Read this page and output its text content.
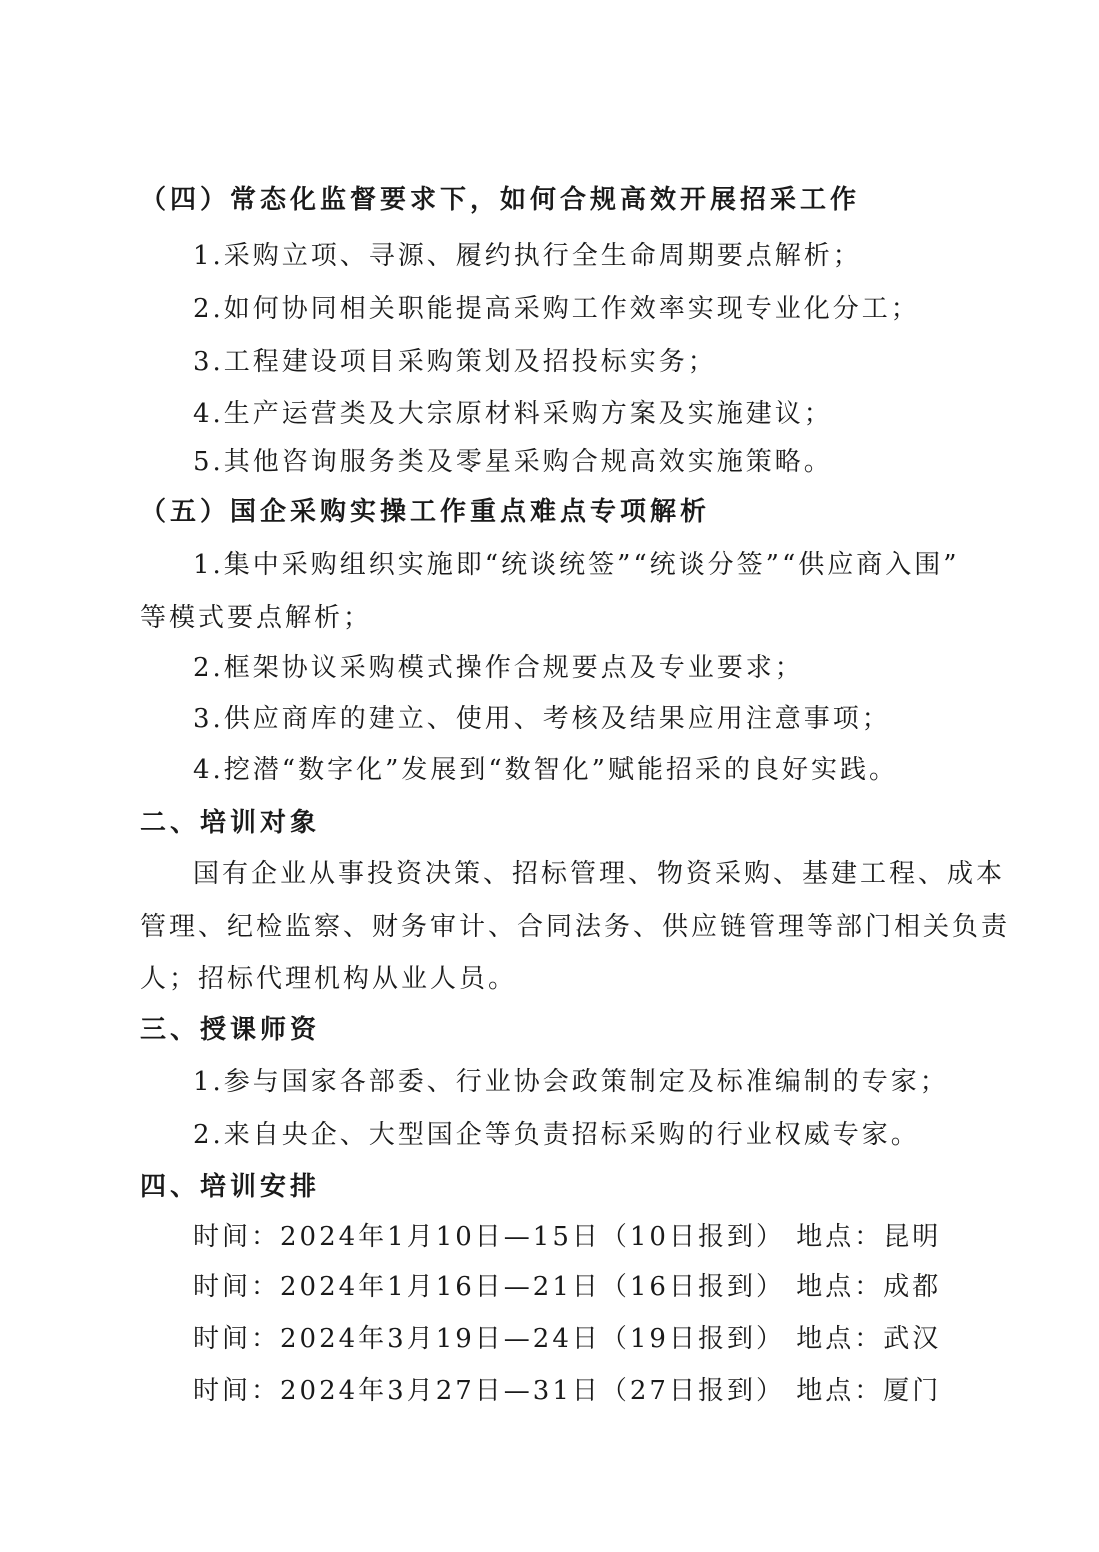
（四）常态化监督要求下，如何合规高效开展招采工作
1.采购立项、寻源、履约执行全生命周期要点解析；
2.如何协同相关职能提高采购工作效率实现专业化分工；
3.工程建设项目采购策划及招投标实务；
4.生产运营类及大宗原材料采购方案及实施建议；
5.其他咨询服务类及零星采购合规高效实施策略。
（五）国企采购实操工作重点难点专项解析
1.集中采购组织实施即“统谈统签”“统谈分签”“供应商入围”
等模式要点解析；
2.框架协议采购模式操作合规要点及专业要求；
3.供应商库的建立、使用、考核及结果应用注意事项；
4.挖潜“数字化”发展到“数智化”赋能招采的良好实践。
二、培训对象
国有企业从事投资决策、招标管理、物资采购、基建工程、成本
管理、纪检监察、财务审计、合同法务、供应链管理等部门相关负责
人；招标代理机构从业人员。
三、授课师资
1.参与国家各部委、行业协会政策制定及标准编制的专家；
2.来自央企、大型国企等负责招标采购的行业权威专家。
四、培训安排
时间：2024年1月10日—15日（10日报到） 地点：昆明
时间：2024年1月16日—21日（16日报到） 地点：成都
时间：2024年3月19日—24日（19日报到） 地点：武汉
时间：2024年3月27日—31日（27日报到） 地点：厦门
